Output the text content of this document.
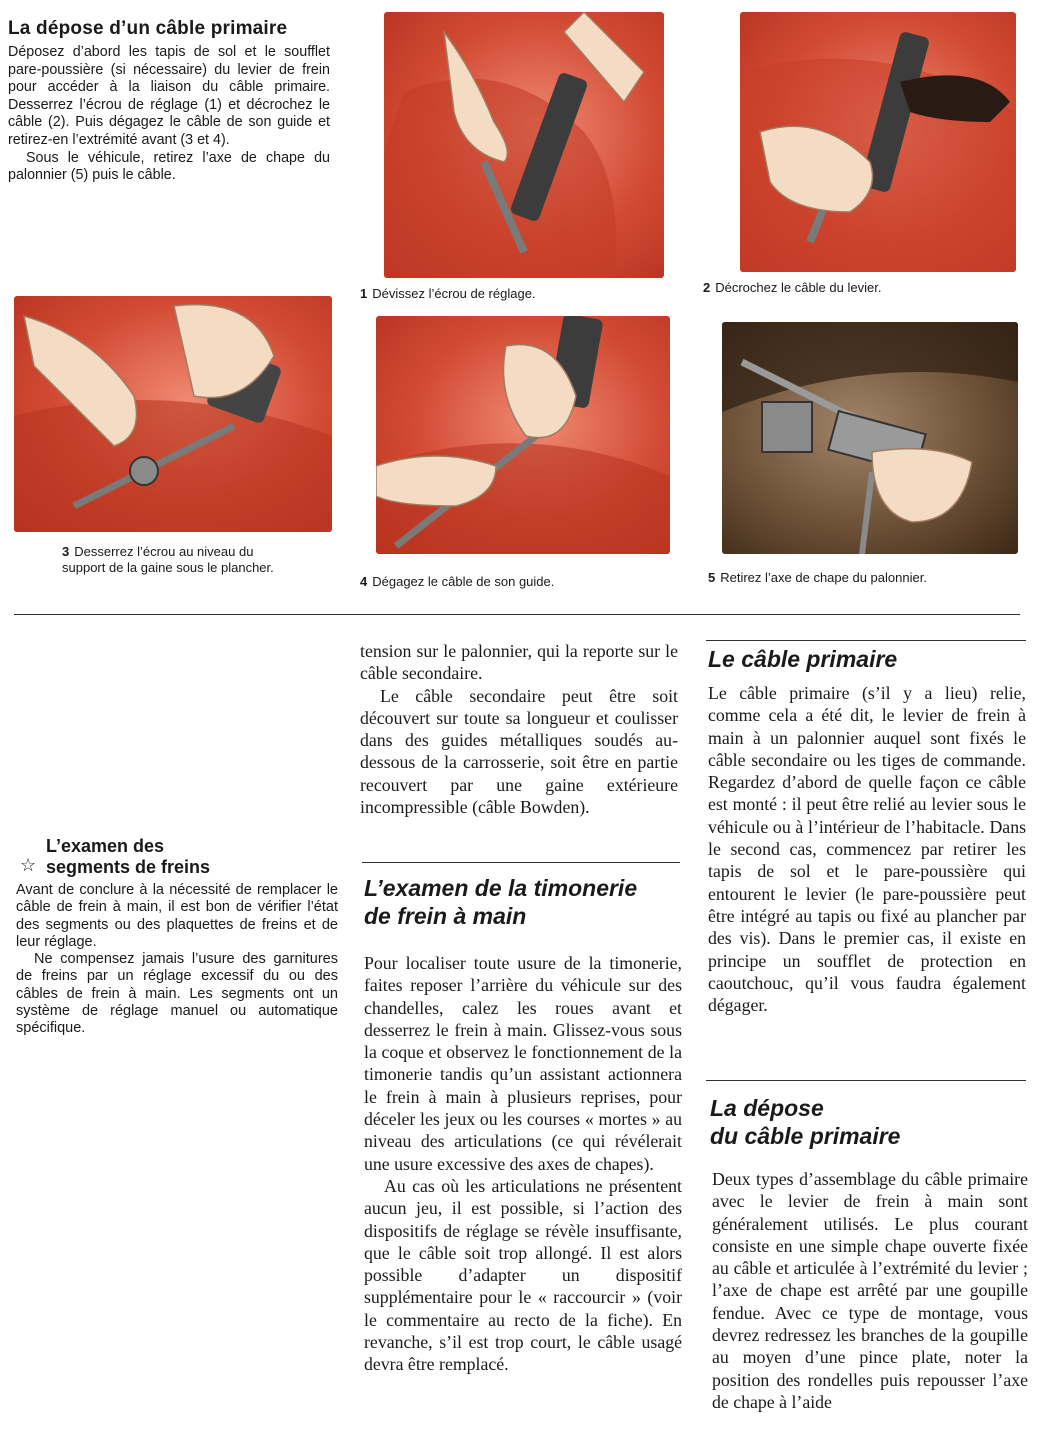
La dépose d’un câble primaire

Déposez d’abord les tapis de sol et le soufflet pare-poussière (si nécessaire) du levier de frein pour accéder à la liaison du câble primaire. Desserrez l’écrou de réglage (1) et décrochez le câble (2). Puis dégagez le câble de son guide et retirez-en l’extrémité avant (3 et 4).

Sous le véhicule, retirez l’axe de chape du palonnier (5) puis le câble.

1 Dévissez l’écrou de réglage.	2 Décrochez le câble du levier.
3 Desserrez l’écrou au niveau du support de la gaine sous le plancher.
4 Dégagez le câble de son guide.	5 Retirez l’axe de chape du palonnier.
L’examen des
segments de freins
☆

Avant de conclure à la nécessité de remplacer le câble de frein à main, il est bon de vérifier l’état des segments ou des plaquettes de freins et de leur réglage.

Ne compensez jamais l’usure des garnitures de freins par un réglage excessif du ou des câbles de frein à main. Les segments ont un système de réglage manuel ou automatique spécifique.

tension sur le palonnier, qui la reporte sur le câble secondaire.

Le câble secondaire peut être soit découvert sur toute sa longueur et coulisser dans des guides métalliques soudés au-dessous de la carrosserie, soit être en partie recouvert par une gaine extérieure incompressible (câble Bowden).

L’examen de la timonerie
de frein à main

Pour localiser toute usure de la timonerie, faites reposer l’arrière du véhicule sur des chandelles, calez les roues avant et desserrez le frein à main. Glissez-vous sous la coque et observez le fonctionnement de la timonerie tandis qu’un assistant actionnera le frein à main à plusieurs reprises, pour déceler les jeux ou les courses « mortes » au niveau des articulations (ce qui révélerait une usure excessive des axes de chapes).

Au cas où les articulations ne présentent aucun jeu, il est possible, si l’action des dispositifs de réglage se révèle insuffisante, que le câble soit trop allongé. Il est alors possible d’adapter un dispositif supplémentaire pour le « raccourcir » (voir le commentaire au recto de la fiche). En revanche, s’il est trop court, le câble usagé devra être remplacé.

Le câble primaire

Le câble primaire (s’il y a lieu) relie, comme cela a été dit, le levier de frein à main à un palonnier auquel sont fixés le câble secondaire ou les tiges de commande. Regardez d’abord de quelle façon ce câble est monté : il peut être relié au levier sous le véhicule ou à l’intérieur de l’habitacle. Dans le second cas, commencez par retirer les tapis de sol et le pare-poussière qui entourent le levier (le pare-poussière peut être intégré au tapis ou fixé au plancher par des vis). Dans le premier cas, il existe en principe un soufflet de protection en caoutchouc, qu’il vous faudra également dégager.

La dépose
du câble primaire

Deux types d’assemblage du câble primaire avec le levier de frein à main sont généralement utilisés. Le plus courant consiste en une simple chape ouverte fixée au câble et articulée à l’extrémité du levier ; l’axe de chape est arrêté par une goupille fendue. Avec ce type de montage, vous devrez redressez les branches de la goupille au moyen d’une pince plate, noter la position des rondelles puis repousser l’axe de chape à l’aide
